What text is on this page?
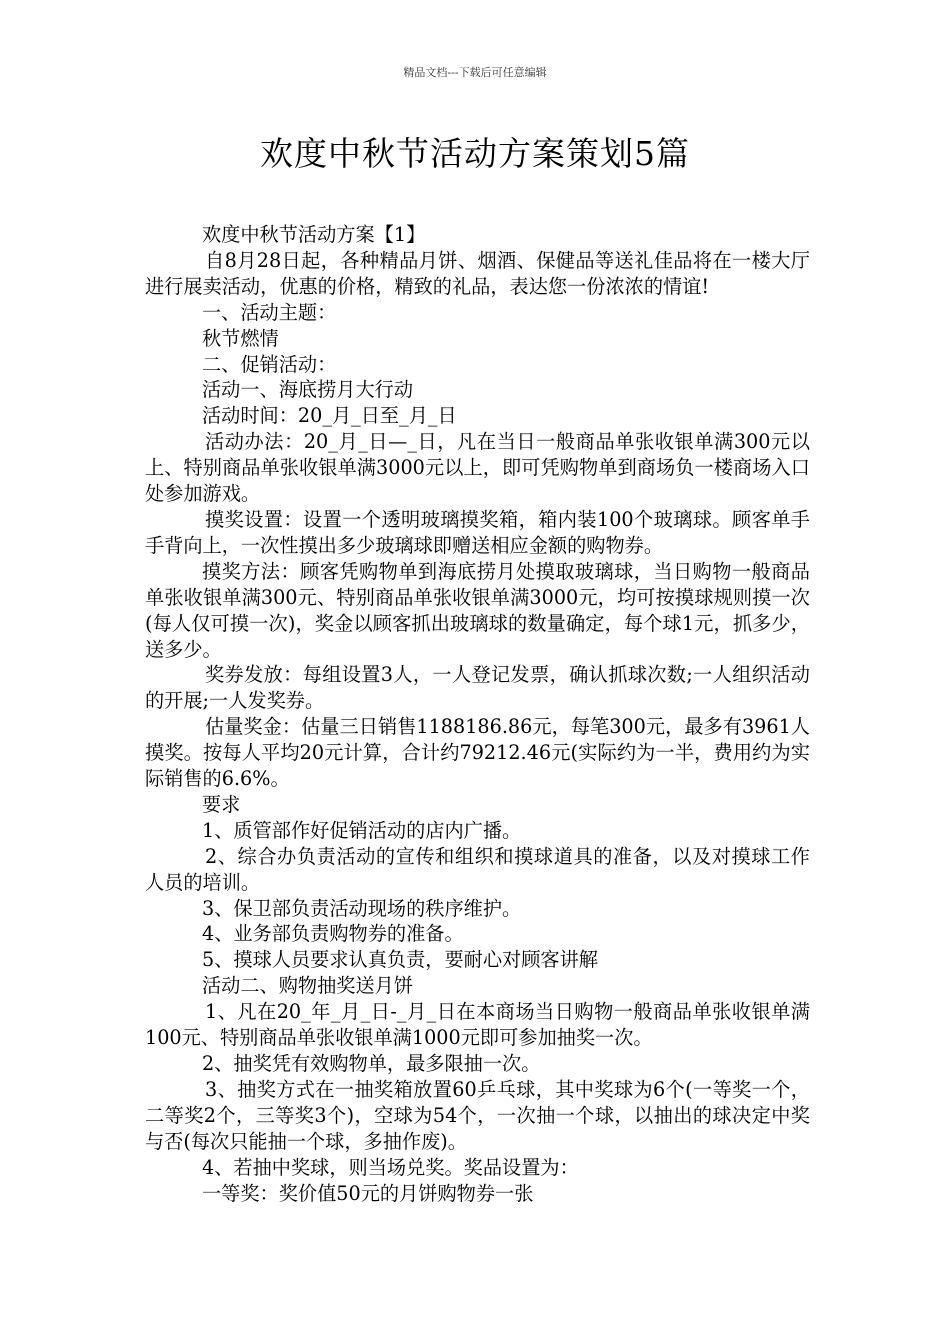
精品文档---下载后可任意编辑
欢度中秋节活动方案策划5篇

欢度中秋节活动方案【1】

自8月28日起，各种精品月饼、烟酒、保健品等送礼佳品将在一楼大厅进行展卖活动，优惠的价格，精致的礼品，表达您一份浓浓的情谊!

一、活动主题：

秋节燃情

二、促销活动：

活动一、海底捞月大行动

活动时间：20_月_日至_月_日

活动办法：20_月_日—_日，凡在当日一般商品单张收银单满300元以上、特别商品单张收银单满3000元以上，即可凭购物单到商场负一楼商场入口处参加游戏。

摸奖设置：设置一个透明玻璃摸奖箱，箱内装100个玻璃球。顾客单手手背向上，一次性摸出多少玻璃球即赠送相应金额的购物券。

摸奖方法：顾客凭购物单到海底捞月处摸取玻璃球，当日购物一般商品单张收银单满300元、特别商品单张收银单满3000元，均可按摸球规则摸一次(每人仅可摸一次)，奖金以顾客抓出玻璃球的数量确定，每个球1元，抓多少，送多少。

奖券发放：每组设置3人，一人登记发票，确认抓球次数;一人组织活动的开展;一人发奖券。

估量奖金：估量三日销售1188186.86元，每笔300元，最多有3961人摸奖。按每人平均20元计算，合计约79212.46元(实际约为一半，费用约为实际销售的6.6%。

要求

1、质管部作好促销活动的店内广播。

2、综合办负责活动的宣传和组织和摸球道具的准备，以及对摸球工作人员的培训。

3、保卫部负责活动现场的秩序维护。

4、业务部负责购物券的准备。

5、摸球人员要求认真负责，要耐心对顾客讲解

活动二、购物抽奖送月饼

1、凡在20_年_月_日-_月_日在本商场当日购物一般商品单张收银单满100元、特别商品单张收银单满1000元即可参加抽奖一次。

2、抽奖凭有效购物单，最多限抽一次。

3、抽奖方式在一抽奖箱放置60乒乓球，其中奖球为6个(一等奖一个，二等奖2个，三等奖3个)，空球为54个，一次抽一个球，以抽出的球决定中奖与否(每次只能抽一个球，多抽作废)。

4、若抽中奖球，则当场兑奖。奖品设置为：

一等奖：奖价值50元的月饼购物券一张
